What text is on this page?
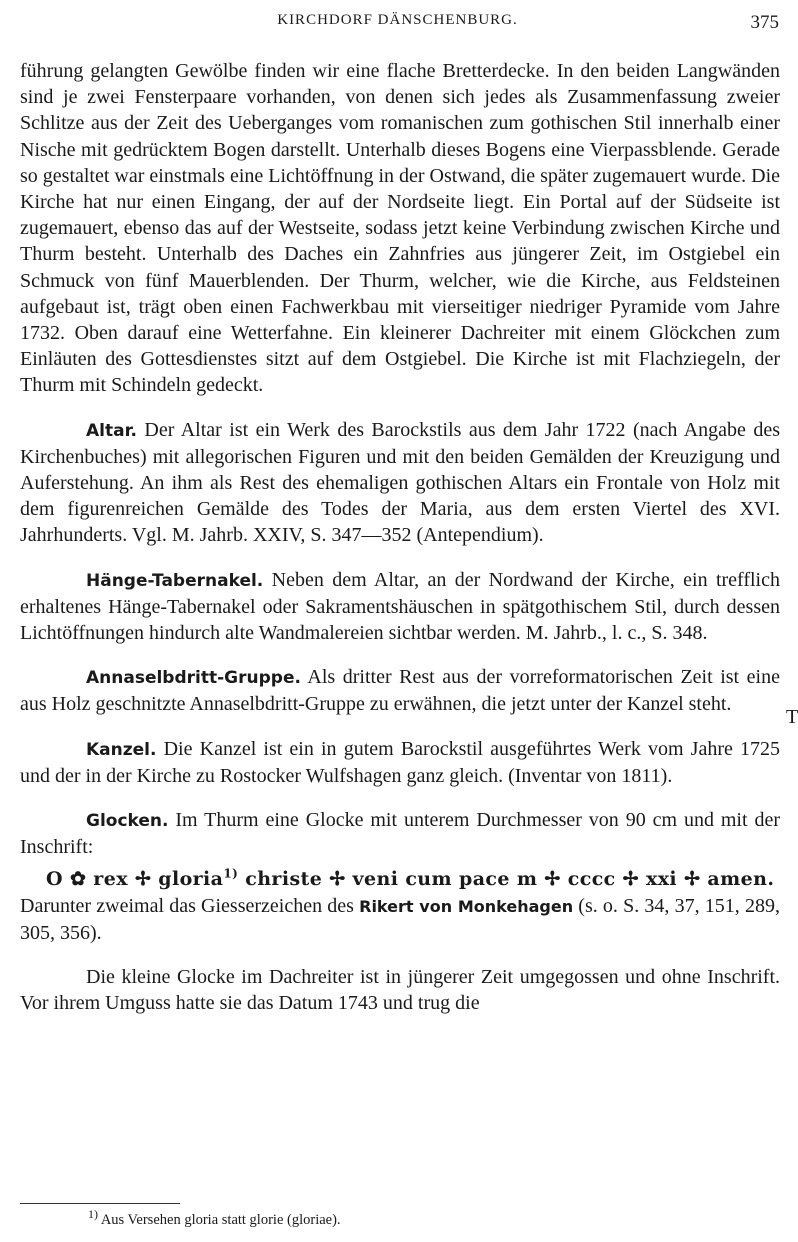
KIRCHDORF DÄNSCHENBURG.	375

führung gelangten Gewölbe finden wir eine flache Bretterdecke. In den beiden Langwänden sind je zwei Fensterpaare vorhanden, von denen sich jedes als Zusammenfassung zweier Schlitze aus der Zeit des Ueberganges vom romanischen zum gothischen Stil innerhalb einer Nische mit gedrücktem Bogen darstellt. Unterhalb dieses Bogens eine Vierpassblende. Gerade so gestaltet war einstmals eine Lichtöffnung in der Ostwand, die später zugemauert wurde. Die Kirche hat nur einen Eingang, der auf der Nordseite liegt. Ein Portal auf der Südseite ist zugemauert, ebenso das auf der Westseite, sodass jetzt keine Verbindung zwischen Kirche und Thurm besteht. Unterhalb des Daches ein Zahnfries aus jüngerer Zeit, im Ostgiebel ein Schmuck von fünf Mauerblenden. Der Thurm, welcher, wie die Kirche, aus Feldsteinen aufgebaut ist, trägt oben einen Fachwerkbau mit vierseitiger niedriger Pyramide vom Jahre 1732. Oben darauf eine Wetterfahne. Ein kleinerer Dachreiter mit einem Glöckchen zum Einläuten des Gottesdienstes sitzt auf dem Ostgiebel. Die Kirche ist mit Flachziegeln, der Thurm mit Schindeln gedeckt.

Altar. Der Altar ist ein Werk des Barockstils aus dem Jahr 1722 (nach Angabe des Kirchenbuches) mit allegorischen Figuren und mit den beiden Gemälden der Kreuzigung und Auferstehung. An ihm als Rest des ehemaligen gothischen Altars ein Frontale von Holz mit dem figurenreichen Gemälde des Todes der Maria, aus dem ersten Viertel des XVI. Jahrhunderts. Vgl. M. Jahrb. XXIV, S. 347—352 (Antependium).

Hänge-Tabernakel. Neben dem Altar, an der Nordwand der Kirche, ein trefflich erhaltenes Hänge-Tabernakel oder Sakramentshäuschen in spätgothischem Stil, durch dessen Lichtöffnungen hindurch alte Wandmalereien sichtbar werden. M. Jahrb., l. c., S. 348.

Annaselbdritt-Gruppe. Als dritter Rest aus der vorreformatorischen Zeit ist eine aus Holz geschnitzte Annaselbdritt-Gruppe zu erwähnen, die jetzt unter der Kanzel steht.

Kanzel. Die Kanzel ist ein in gutem Barockstil ausgeführtes Werk vom Jahre 1725 und der in der Kirche zu Rostocker Wulfshagen ganz gleich. (Inventar von 1811).

Glocken. Im Thurm eine Glocke mit unterem Durchmesser von 90 cm und mit der Inschrift:

O ✿ rex ✢ gloria$^{1)}$ christe ✢ veni cum pace m ✢ cccc ✢ xxi ✢ amen.

Darunter zweimal das Giesserzeichen des Rikert von Monkehagen (s. o. S. 34, 37, 151, 289, 305, 356).

Die kleine Glocke im Dachreiter ist in jüngerer Zeit umgegossen und ohne Inschrift. Vor ihrem Umguss hatte sie das Datum 1743 und trug die

T
$^{1)}$ Aus Versehen gloria statt glorie (gloriae).
